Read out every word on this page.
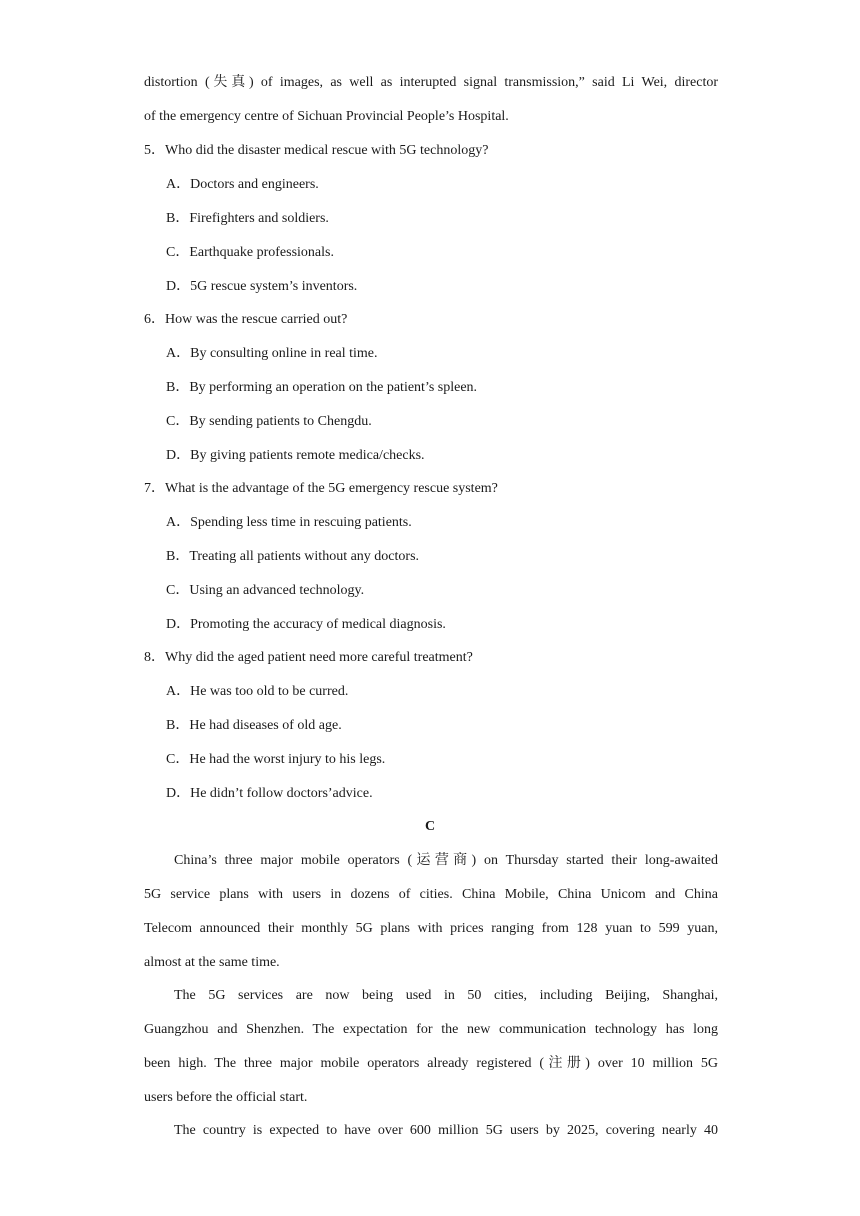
distortion (失真) of images, as well as interupted signal transmission,” said Li Wei, director
of the emergency centre of Sichuan Provincial People’s Hospital.
5．Who did the disaster medical rescue with 5G technology?
A．Doctors and engineers.
B．Firefighters and soldiers.
C．Earthquake professionals.
D．5G rescue system’s inventors.
6．How was the rescue carried out?
A．By consulting online in real time.
B．By performing an operation on the patient’s spleen.
C．By sending patients to Chengdu.
D．By giving patients remote medica/checks.
7．What is the advantage of the 5G emergency rescue system?
A．Spending less time in rescuing patients.
B．Treating all patients without any doctors.
C．Using an advanced technology.
D．Promoting the accuracy of medical diagnosis.
8．Why did the aged patient need more careful treatment?
A．He was too old to be curred.
B．He had diseases of old age.
C．He had the worst injury to his legs.
D．He didn’t follow doctors’advice.
C
China’s three major mobile operators (运营商) on Thursday started their long-awaited
5G service plans with users in dozens of cities. China Mobile, China Unicom and China
Telecom announced their monthly 5G plans with prices ranging from 128 yuan to 599 yuan,
almost at the same time.
The 5G services are now being used in 50 cities, including Beijing, Shanghai,
Guangzhou and Shenzhen. The expectation for the new communication technology has long
been high. The three major mobile operators already registered (注册) over 10 million 5G
users before the official start.
The country is expected to have over 600 million 5G users by 2025, covering nearly 40
